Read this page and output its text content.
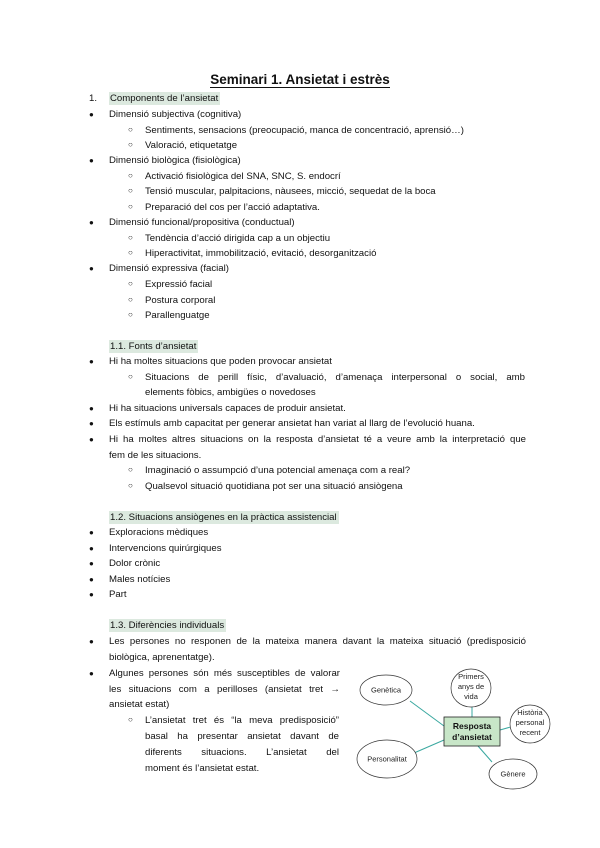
Seminari 1. Ansietat i estrès
1. Components de l’ansietat
● Dimensió subjectiva (cognitiva)
○ Sentiments, sensacions (preocupació, manca de concentració, aprensió…)
○ Valoració, etiquetatge
● Dimensió biològica (fisiològica)
○ Activació fisiològica del SNA, SNC, S. endocrí
○ Tensió muscular, palpitacions, nàusees, micció, sequedat de la boca
○ Preparació del cos per l’acció adaptativa.
● Dimensió funcional/propositiva (conductual)
○ Tendència d’acció dirigida cap a un objectiu
○ Hiperactivitat, immobilització, evitació, desorganització
● Dimensió expressiva (facial)
○ Expressió facial
○ Postura corporal
○ Parallenguatge
1.1. Fonts d’ansietat
● Hi ha moltes situacions que poden provocar ansietat
○ Situacions de perill físic, d’avaluació, d’amenaça interpersonal o social, amb
elements fòbics, ambigües o novedoses
● Hi ha situacions universals capaces de produir ansietat.
● Els estímuls amb capacitat per generar ansietat han variat al llarg de l’evolució huana.
● Hi ha moltes altres situacions on la resposta d’ansietat té a veure amb la interpretació que
fem de les situacions.
○ Imaginació o assumpció d’una potencial amenaça com a real?
○ Qualsevol situació quotidiana pot ser una situació ansiògena
1.2. Situacions ansiògenes en la pràctica assistencial
● Exploracions mèdiques
● Intervencions quirúrgiques
● Dolor crònic
● Males notícies
● Part
1.3. Diferències individuals
● Les persones no responen de la mateixa manera davant la mateixa situació (predisposició
biològica, aprenentatge).
● Algunes persones són més susceptibles de valorar
les situacions com a perilloses (ansietat tret →
ansietat estat)
○ L’ansietat tret és “la meva predisposició”
basal ha presentar ansietat davant de
diferents situacions. L’ansietat del
moment és l’ansietat estat.
Genètica
Primers
anys de
vida
Història
personal
recent
Personalitat
Gènere
Resposta
d’ansietat
